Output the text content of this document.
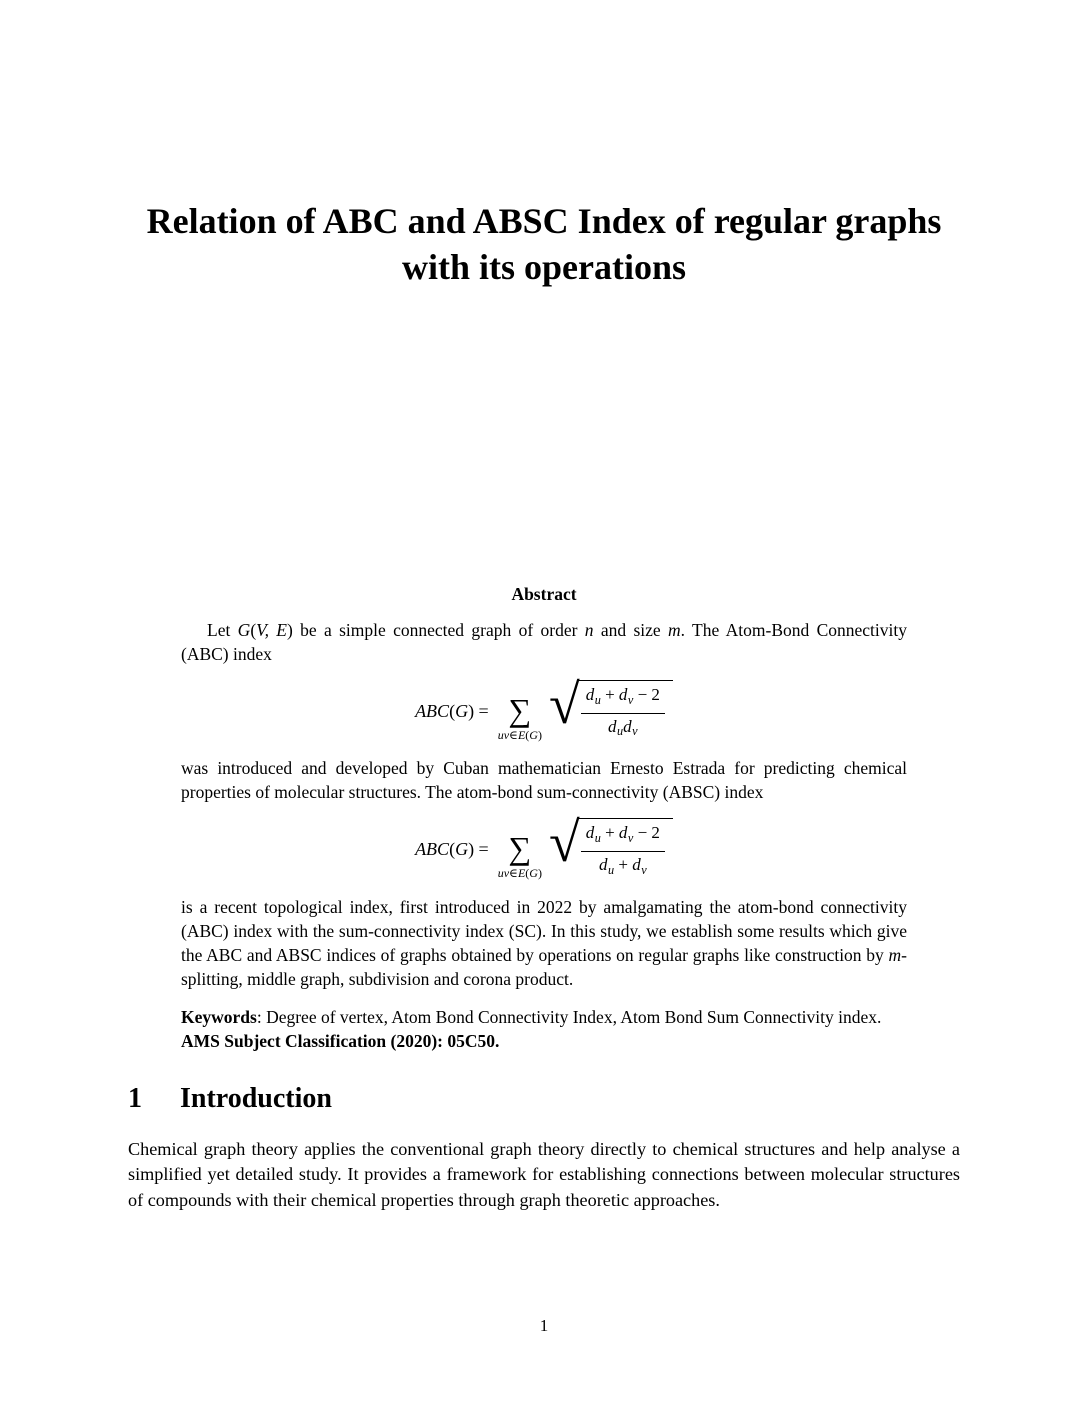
Relation of ABC and ABSC Index of regular graphs with its operations
Abstract

Let G(V, E) be a simple connected graph of order n and size m. The Atom-Bond Connectivity (ABC) index

ABC(G) = ∑
uv∈E(G) √ $\frac{d_u + d_v - 2}{d_ud_v}$

was introduced and developed by Cuban mathematician Ernesto Estrada for predicting chemical properties of molecular structures. The atom-bond sum-connectivity (ABSC) index

ABC(G) = ∑
uv∈E(G) √ $\frac{d_u + d_v - 2}{d_u + d_v}$

is a recent topological index, first introduced in 2022 by amalgamating the atom-bond connectivity (ABC) index with the sum-connectivity index (SC). In this study, we establish some results which give the ABC and ABSC indices of graphs obtained by operations on regular graphs like construction by m-splitting, middle graph, subdivision and corona product.

Keywords: Degree of vertex, Atom Bond Connectivity Index, Atom Bond Sum Connectivity index.

AMS Subject Classification (2020): 05C50.

1	Introduction

Chemical graph theory applies the conventional graph theory directly to chemical structures and help analyse a simplified yet detailed study. It provides a framework for establishing connections between molecular structures of compounds with their chemical properties through graph theoretic approaches.

1
